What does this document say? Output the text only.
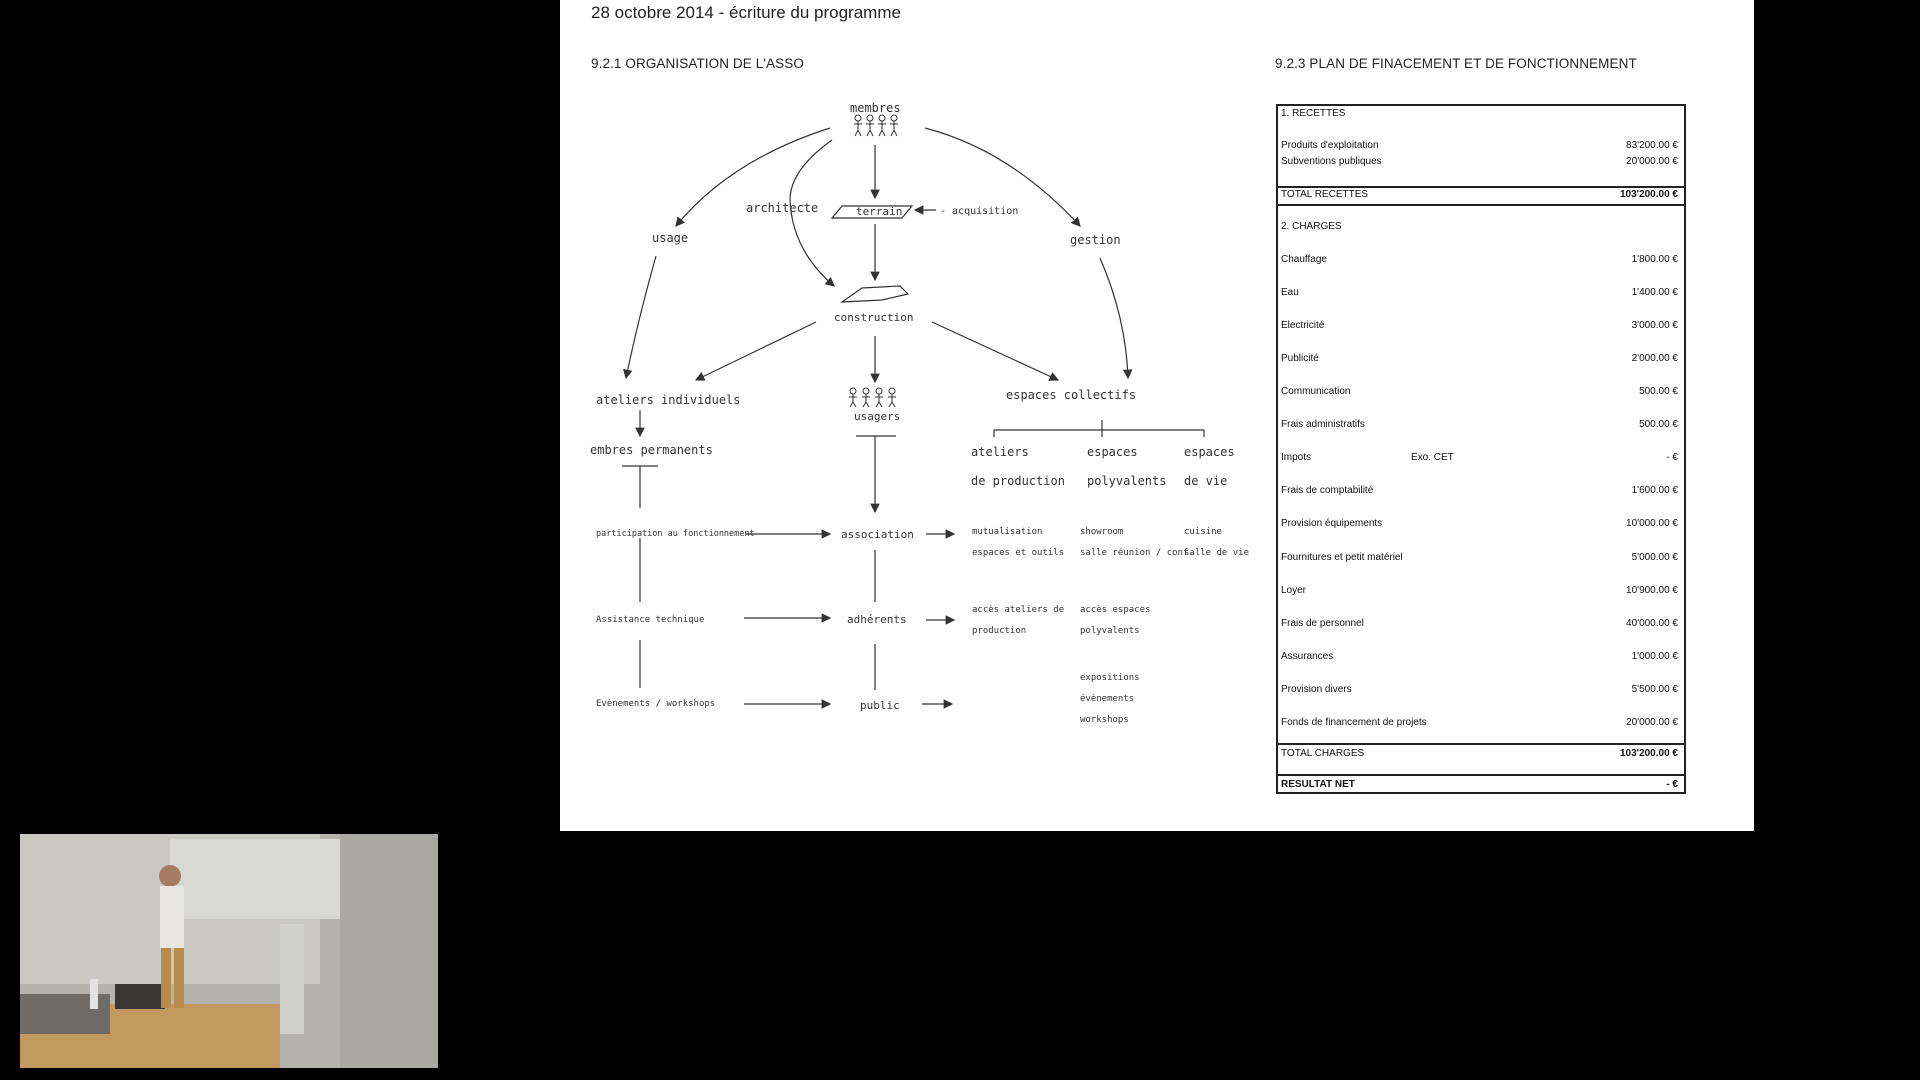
28 octobre 2014 - écriture du programme
9.2.1 ORGANISATION DE L'ASSO	9.2.3 PLAN DE FINACEMENT ET DE FONCTIONNEMENT
membres
architecte	terrain	- acquisition
usage	gestion
construction
ateliers individuels
usagers
espaces collectifs
embres permanents	ateliers
de production
espaces
polyvalents
espaces
de vie
participation au fonctionnement	association	mutualisation
espaces et outils
showroom
salle réunion / conf.
cuisine
salle de vie
Assistance technique	adhérents
accès ateliers de
production
accès espaces
polyvalents
Evènements / workshops	public
expositions
évènements
workshops
1. RECETTES
Produits d'exploitation	83'200.00 €
Subventions publiques	20'000.00 €
TOTAL RECETTES	103'200.00 €
2. CHARGES
Chauffage	1'800.00 €
Eau	1'400.00 €
Electricité	3'000.00 €
Publicité	2'000.00 €
Communication	500.00 €
Frais administratifs	500.00 €
Impots	Exo. CET	- €
Frais de comptabilité	1'600.00 €
Provision équipements	10'000.00 €
Fournitures et petit matériel	5'000.00 €
Loyer	10'900.00 €
Frais de personnel	40'000.00 €
Assurances	1'000.00 €
Provision divers	5'500.00 €
Fonds de financement de projets	20'000.00 €
TOTAL CHARGES	103'200.00 €
RESULTAT NET	- €
